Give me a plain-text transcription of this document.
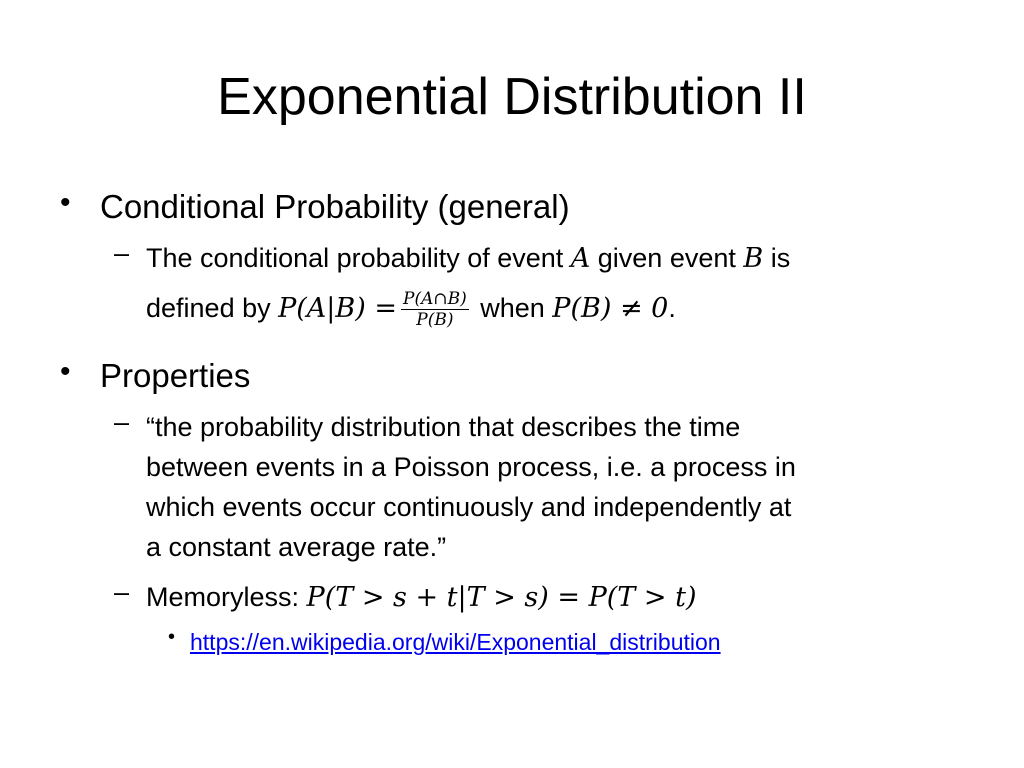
Exponential Distribution II
• Conditional Probability (general)
– The conditional probability of event A given event B is
defined by $P(A|B) = \frac{P(A\cap B)}{P(B)}$ when P(B) ≠ 0.
• Properties
– “the probability distribution that describes the time
between events in a Poisson process, i.e. a process in
which events occur continuously and independently at
a constant average rate.”
– Memoryless: P(T > s + t|T > s) = P(T > t)
• https://en.wikipedia.org/wiki/Exponential_distribution
